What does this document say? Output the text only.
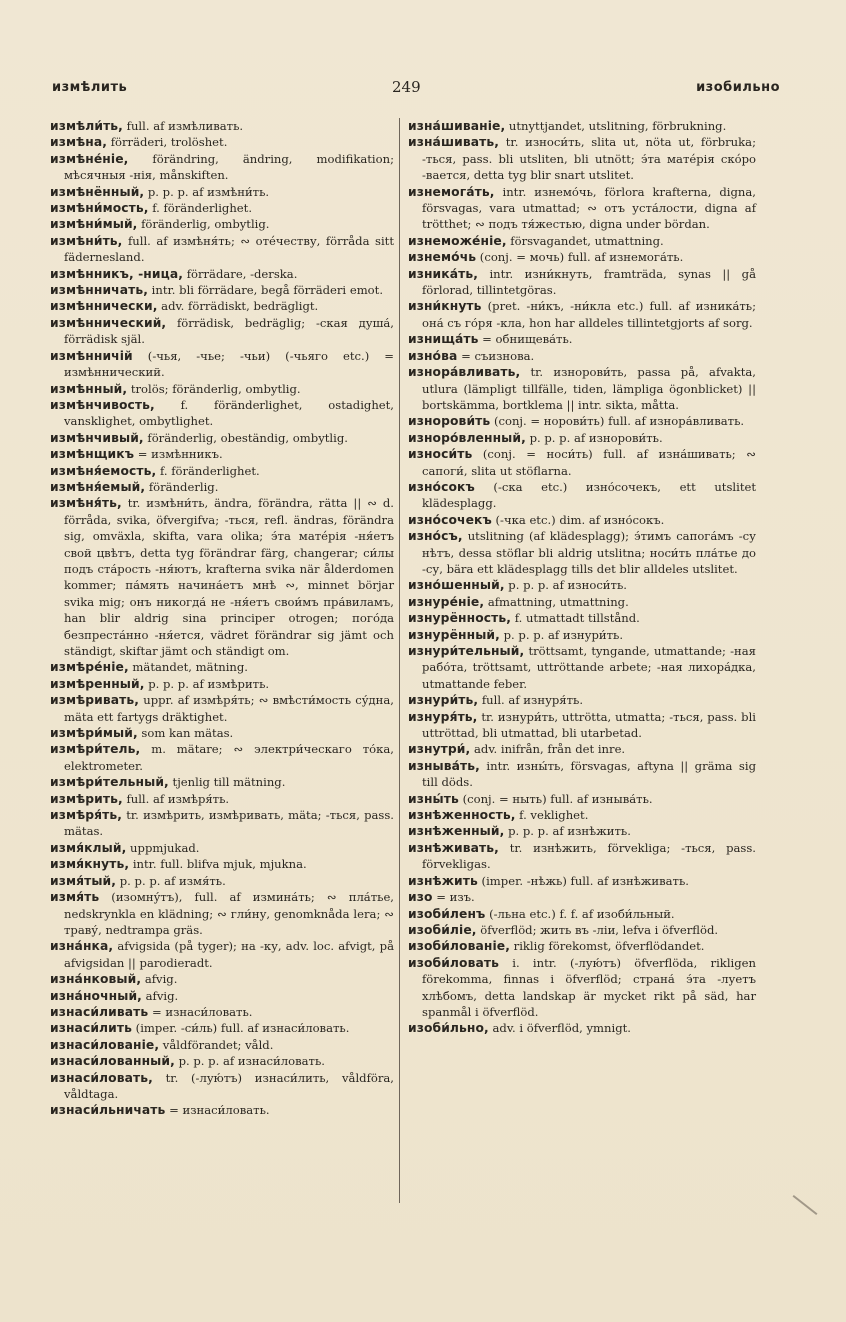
измѣлить	249	изобильно

измѣли́ть, full. af измѣливать.

измѣна, förräderi, trolöshet.

измѣне́ніе, förändring, ändring, modifikation; мѣсячныя -нія, månskiften.

измѣнённый, p. p. p. af измѣни́ть.

измѣни́мость, f. föränderlighet.

измѣни́мый, föränderlig, ombytlig.

измѣни́ть, full. af измѣня́ть; ∾ отéчеству, förråda sitt fäderneslаnd.

измѣнникъ, -ница, förrädare, -derska.

измѣнничать, intr. bli förrädare, begå förräderi emot.

измѣннически, adv. förrädiskt, bedrägligt.

измѣннический, förrädisk, bedräglig; -ская душа́, förrädisk själ.

измѣнничій (-чья, -чье; -чьи) (-чьяго etc.) = измѣннический.

измѣнный, trolös; föränderlig, ombytlig.

измѣнчивость, f. föränderlighet, ostadighet, vansklighet, ombytlighet.

измѣнчивый, föränderlig, obeständig, ombytlig.

измѣнщикъ = измѣнникъ.

измѣня́емость, f. föränderlighet.

измѣня́емый, föränderlig.

измѣня́ть, tr. измѣни́ть, ändra, förändra, rätta || ∾ d. förråda, svika, öfvergifva; -ться, refl. ändras, förändra sig, omväxla, skifta, vara olika; э́та матéрія -ня́етъ свой цвѣтъ, detta tyg förändrar färg, changerar; си́лы подъ ста́рость -ня́ютъ, krafterna svika när ålderdomen kommer; па́мять начина́етъ мнѣ ∾, minnet börjar svika mig; онъ никогда́ не -ня́етъ свои́мъ пра́виламъ, han blir aldrig sina principer otrogen; пого́да безпреста́нно -ня́ется, vädret förändrar sig jämt och ständigt, skiftar jämt och ständigt om.

измѣре́ніе, mätandet, mätning.

измѣренный, p. p. p. af измѣрить.

измѣривать, uppr. af измѣря́ть; ∾ вмѣсти́мость су́дна, mäta ett fartygs dräktighet.

измѣри́мый, som kan mätas.

измѣри́тель, m. mätare; ∾ электри́ческаго то́ка, elektrometer.

измѣри́тельный, tjenlig till mätning.

измѣрить, full. af измѣря́ть.

измѣря́ть, tr. измѣрить, измѣривать, mäta; -ться, pass. mätas.

измя́клый, uppmjukad.

измя́кнуть, intr. full. blifva mjuk, mjukna.

измя́тый, p. p. p. af измя́ть.

измя́ть (изомну́тъ), full. af измина́ть; ∾ пла́тье, nedskrynkla en klädning; ∾ гли́ну, genomknåda lera; ∾ траву́, nedtrampa gräs.

изна́нка, afvigsida (på tyger); на -ку, adv. loc. afvigt, på afvigsidan || parodieradt.

изна́нковый, afvig.

изна́ночный, afvig.

изнаси́ливать = изнаси́ловать.

изнаси́лить (imper. -си́ль) full. af изнаси́ловать.

изнаси́лованіе, våldförandet; våld.

изнаси́лованный, p. p. p. af изнаси́ловать.

изнаси́ловать, tr. (-лую́тъ) изнаси́лить, våldföra, våldtaga.

изнаси́льничать = изнаси́ловать.

изна́шиваніе, utnyttjandet, utslitning, förbrukning.

изна́шивать, tr. износи́ть, slita ut, nöta ut, förbruka; -ться, pass. bli utsliten, bli utnött; э́та матéрія скóро -вается, detta tyg blir snart utslitet.

изнемога́ть, intr. изнемо́чь, förlora krafterna, digna, försvagas, vara utmattad; ∾ отъ уста́лости, digna af trötthet; ∾ подъ тя́жестью, digna under bördan.

изнеможе́ніе, försvagandet, utmattning.

изнемо́чь (conj. = мочь) full. af изнемога́ть.

изника́ть, intr. изни́кнуть, framträda, synas || gå förlorad, tillintetgöras.

изни́кнуть (pret. -ни́къ, -ни́кла etc.) full. af изника́ть; она́ съ го́ря -кла, hon har alldeles tillintetgjorts af sorg.

изнища́ть = обнищева́ть.

изно́ва = съизнова.

изнора́вливать, tr. изнорови́ть, passa på, afvakta, utlura (lämpligt tillfälle, tiden, lämpliga ögonblicket) || bortskämma, bortklema || intr. sikta, måtta.

изнорови́ть (conj. = норови́ть) full. af изнора́вливать.

изноро́вленный, p. p. p. af изнорови́ть.

износи́ть (conj. = носи́ть) full. af изна́шивать; ∾ сапоги́, slita ut stöflarna.

изно́сокъ (-ска etc.) изно́сочекъ, ett utslitet klädesplagg.

изно́сочекъ (-чка etc.) dim. af изно́сокъ.

изно́съ, utslitning (af klädesplagg); э́тимъ сапога́мъ -су нѣтъ, dessa stöflar bli aldrig utslitna; носи́ть пла́тье до -су, bära ett klädesplagg tills det blir alldeles utslitet.

изно́шенный, p. p. p. af износи́ть.

изнуре́ніе, afmattning, utmattning.

изнурённость, f. utmattadt tillstånd.

изнурённый, p. p. p. af изнури́ть.

изнури́тельный, tröttsamt, tyngande, utmattande; -ная рабо́та, tröttsamt, uttröttande arbete; -ная лихора́дка, utmattande feber.

изнури́ть, full. af изнуря́ть.

изнуря́ть, tr. изнури́ть, uttrötta, utmatta; -ться, pass. bli uttröttad, bli utmattad, bli utarbetad.

изнутри́, adv. inifrån, från det inre.

изныва́ть, intr. изны́ть, försvagas, aftyna || gräma sig till döds.

изны́ть (conj. = ныть) full. af изныва́ть.

изнѣженность, f. veklighet.

изнѣженный, p. p. p. af изнѣжить.

изнѣживать, tr. изнѣжить, förvekliga; -ться, pass. förvekligas.

изнѣжить (imper. -нѣжь) full. af изнѣживать.

изо = изъ.

изоби́ленъ (-льна etc.) f. f. af изоби́льный.

изоби́ліе, öfverflöd; жить въ -ліи, lefva i öfverflöd.

изоби́лованіе, riklig förekomst, öfverflödandet.

изоби́ловать i. intr. (-лую́тъ) öfverflöda, rikligen förekomma, finnas i öfverflöd; страна́ э́та -луетъ хлѣбомъ, detta landskap är mycket rikt på säd, har spanmål i öfverflöd.

изоби́льно, adv. i öfverflöd, ymnigt.
